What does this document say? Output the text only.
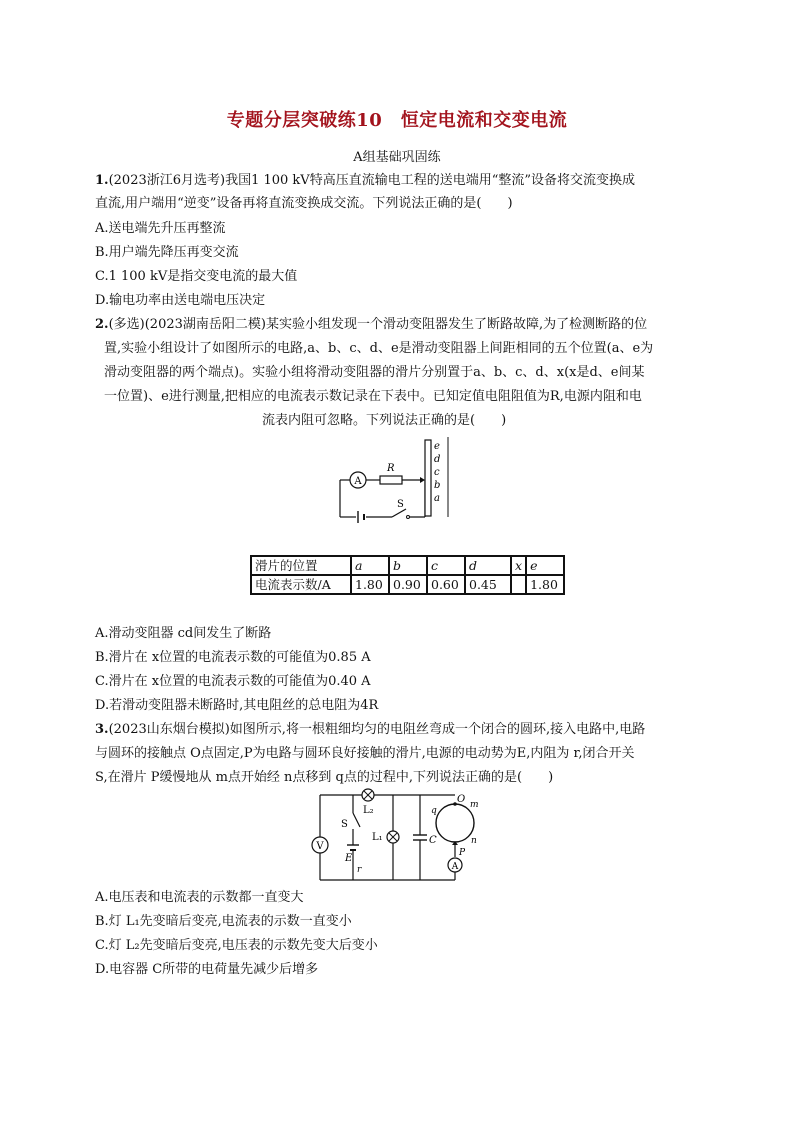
专题分层突破练10　恒定电流和交变电流
A组基础巩固练
1.(2023浙江6月选考)我国1 100 kV特高压直流输电工程的送电端用“整流”设备将交流变换成
直流,用户端用“逆变”设备再将直流变换成交流。下列说法正确的是(　　)
A.送电端先升压再整流
B.用户端先降压再变交流
C.1 100 kV是指交变电流的最大值
D.输电功率由送电端电压决定
2.(多选)(2023湖南岳阳二模)某实验小组发现一个滑动变阻器发生了断路故障,为了检测断路的位
置,实验小组设计了如图所示的电路,a、b、c、d、e是滑动变阻器上间距相同的五个位置(a、e为
滑动变阻器的两个端点)。实验小组将滑动变阻器的滑片分别置于a、b、c、d、x(x是d、e间某
一位置)、e进行测量,把相应的电流表示数记录在下表中。已知定值电阻阻值为R,电源内阻和电
流表内阻可忽略。下列说法正确的是(　　)
S
A
R
e
d
c
b
a
滑片的位置	a	b	c	d	x	e
电流表示数/A	1.80	0.90	0.60	0.45		1.80
A.滑动变阻器 cd间发生了断路
B.滑片在 x位置的电流表示数的可能值为0.85 A
C.滑片在 x位置的电流表示数的可能值为0.40 A
D.若滑动变阻器未断路时,其电阻丝的总电阻为4R
3.(2023山东烟台模拟)如图所示,将一根粗细均匀的电阻丝弯成一个闭合的圆环,接入电路中,电路
与圆环的接触点 O点固定,P为电路与圆环良好接触的滑片,电源的电动势为E,内阻为 r,闭合开关
S,在滑片 P缓慢地从 m点开始经 n点移到 q点的过程中,下列说法正确的是(　　)
V
S
E
r
L₂
L₁	C
O m
n
q
P
A
A.电压表和电流表的示数都一直变大
B.灯 L₁先变暗后变亮,电流表的示数一直变小
C.灯 L₂先变暗后变亮,电压表的示数先变大后变小
D.电容器 C所带的电荷量先减少后增多
